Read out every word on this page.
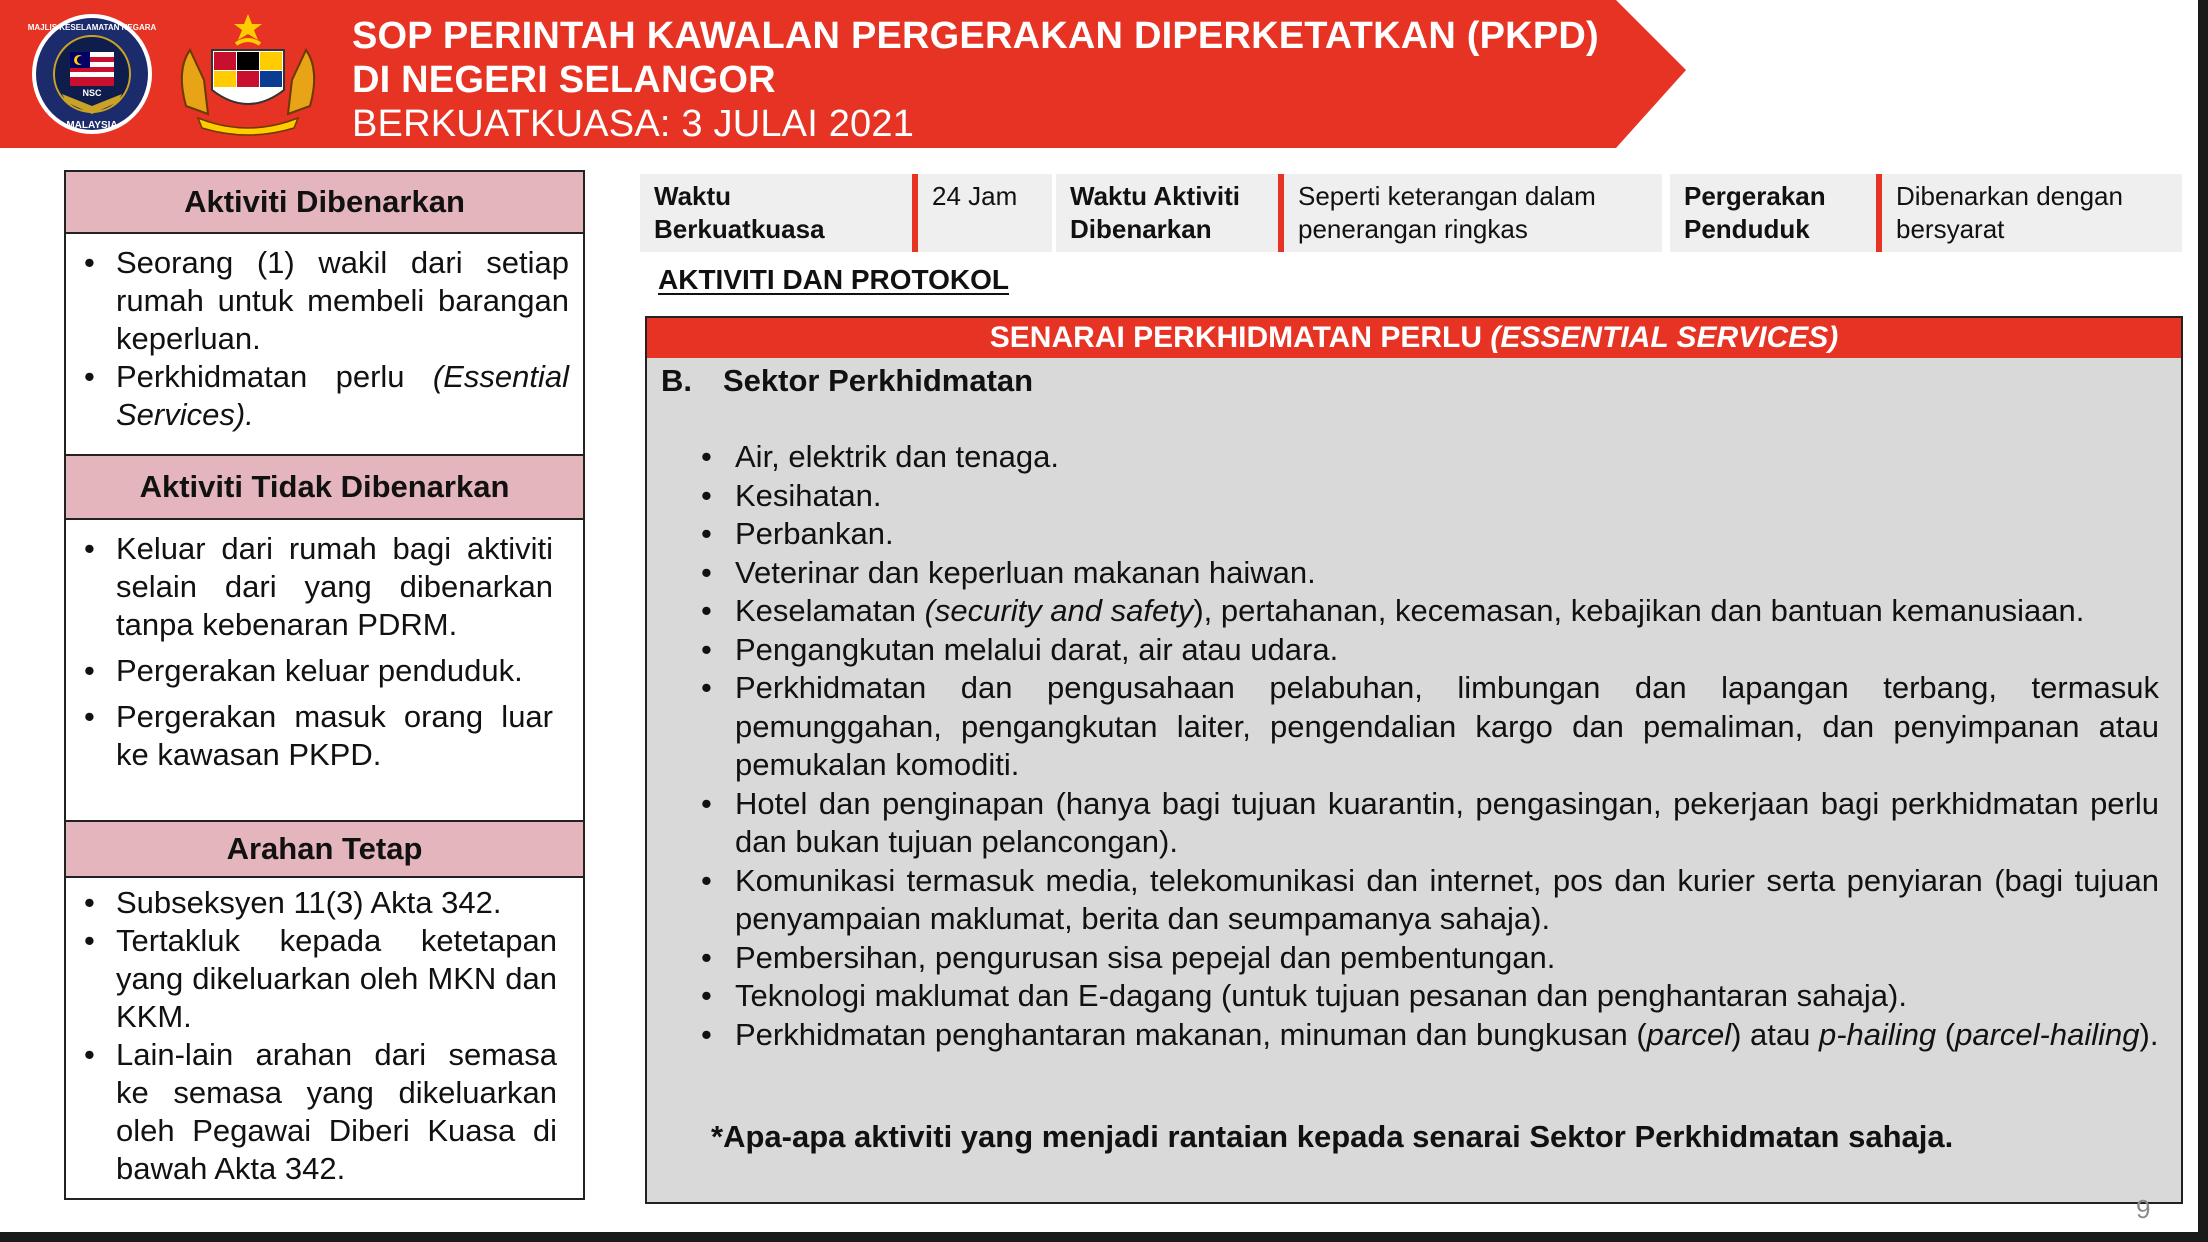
MALAYSIA
NSC
MAJLIS KESELAMATAN NEGARA	SOP PERINTAH KAWALAN PERGERAKAN DIPERKETATKAN (PKPD)
DI NEGERI SELANGOR
BERKUATKUASA: 3 JULAI 2021
Aktiviti Dibenarkan
• Seorang (1) wakil dari setiap rumah untuk membeli barangan keperluan.
• Perkhidmatan perlu (Essential Services).
Aktiviti Tidak Dibenarkan
• Keluar dari rumah bagi aktiviti selain dari yang dibenarkan tanpa kebenaran PDRM.
• Pergerakan keluar penduduk.
• Pergerakan masuk orang luar ke kawasan PKPD.
Arahan Tetap
• Subseksyen 11(3) Akta 342.
• Tertakluk kepada ketetapan yang dikeluarkan oleh MKN dan KKM.
• Lain-lain arahan dari semasa ke semasa yang dikeluarkan oleh Pegawai Diberi Kuasa di bawah Akta 342.
Waktu Berkuatkuasa
24 Jam	Waktu Aktiviti Dibenarkan
Seperti keterangan dalam penerangan ringkas
Pergerakan Penduduk
Dibenarkan dengan bersyarat
AKTIVITI DAN PROTOKOL
SENARAI PERKHIDMATAN PERLU (ESSENTIAL SERVICES)
B. Sektor Perkhidmatan
• Air, elektrik dan tenaga.
• Kesihatan.
• Perbankan.
• Veterinar dan keperluan makanan haiwan.
• Keselamatan (security and safety), pertahanan, kecemasan, kebajikan dan bantuan kemanusiaan.
• Pengangkutan melalui darat, air atau udara.
• Perkhidmatan dan pengusahaan pelabuhan, limbungan dan lapangan terbang, termasuk pemunggahan, pengangkutan laiter, pengendalian kargo dan pemaliman, dan penyimpanan atau pemukalan komoditi.
• Hotel dan penginapan (hanya bagi tujuan kuarantin, pengasingan, pekerjaan bagi perkhidmatan perlu dan bukan tujuan pelancongan).
• Komunikasi termasuk media, telekomunikasi dan internet, pos dan kurier serta penyiaran (bagi tujuan penyampaian maklumat, berita dan seumpamanya sahaja).
• Pembersihan, pengurusan sisa pepejal dan pembentungan.
• Teknologi maklumat dan E-dagang (untuk tujuan pesanan dan penghantaran sahaja).
• Perkhidmatan penghantaran makanan, minuman dan bungkusan (parcel) atau p-hailing (parcel-hailing).
*Apa-apa aktiviti yang menjadi rantaian kepada senarai Sektor Perkhidmatan sahaja.
9
